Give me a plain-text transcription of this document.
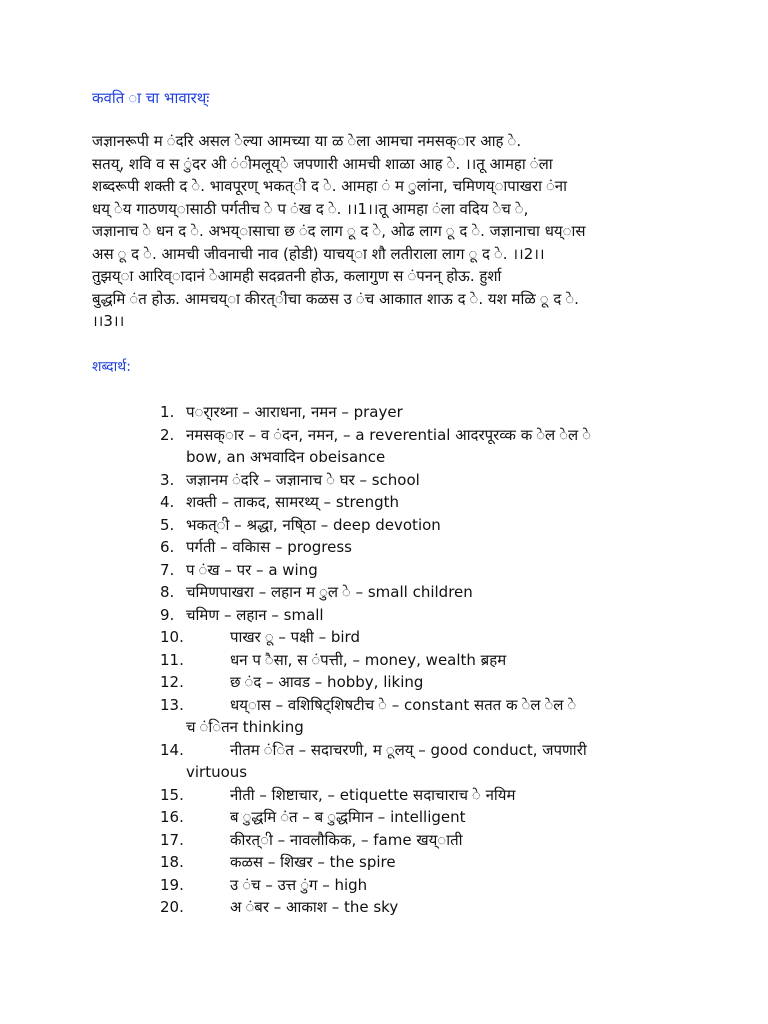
कवति ा चा भावारथ्ः
जज्ञानरूपी म ंदरि असल ेल्या आमच्या या ळ ेला आमचा नमसक्ार आह े.
सतय्, शवि व स ुंदर अी ंीमलूय्े जपणारी आमची शाळा आह े. ।।तू आमहा ंला
शब्दरूपी शक्ती द े. भावपूरण् भकत्ी द े. आमहा ं म ुलांना, चमिणय्ापाखरा ंना
धय् ेय गाठणय्ासाठी पर्गतीच े प ंख द े. ।।1।।तू आमहा ंला वदिय ेच े,
जज्ञानाच े धन द े. अभय्ासाचा छ ंद लाग ू द े, ओढ लाग ू द े. जज्ञानाचा धय्ास
अस ू द े. आमची जीवनाची नाव (होडी) याचय्ा शौ लतीराला लाग ू द े. ।।2।।
तुझय्ा आरिव्ादानं ेआमही सदव्रतनी होऊ, कलागुण स ंपनन् होऊ. हुर्शा
बुद्धमि ंत होऊ. आमचय्ा कीरत्ीचा कळस उ ंच आकाात शाऊ द े. यश मळि ू द े.
।।3।।
शब्दार्थ:
1. पर्ारथ्ना – आराधना, नमन – prayer
2. नमसक्ार – व ंदन, नमन, – a reverential आदरपूरव्क क ेल ेल े
bow, an अभवादिन obeisance
3. जज्ञानम ंदरि – जज्ञानाच े घर – school
4. शक्ती – ताकद, सामरथ्य् – strength
5. भकत्ी – श्रद्धा, नषि्ठा – deep devotion
6. पर्गती – वकिास – progress
7. प ंख – पर – a wing
8. चमिणपाखरा – लहान म ुल े – small children
9. चमिण – लहान – small
10.	पाखर ू – पक्षी – bird
11.	धन प ैसा, स ंपत्ती, – money, wealth ब्रहम
12.	छ ंद – आवड – hobby, liking
13.	धय्ास – वशिषिट्शिषटीच े – constant सतत क ेल ेल े
च ंितन thinking
14.	नीतम ंित – सदाचरणी, म ूलय् – good conduct, जपणारी
virtuous
15.	नीती – शिष्टाचार, – etiquette सदाचाराच े नयिम
16.	ब ुद्धमि ंत – ब ुद्धमिान – intelligent
17.	कीरत्ी – नावलौकिक, – fame खय्ाती
18.	कळस – शिखर – the spire
19.	उ ंच – उत्त ुंग – high
20.	अ ंबर – आकाश – the sky
